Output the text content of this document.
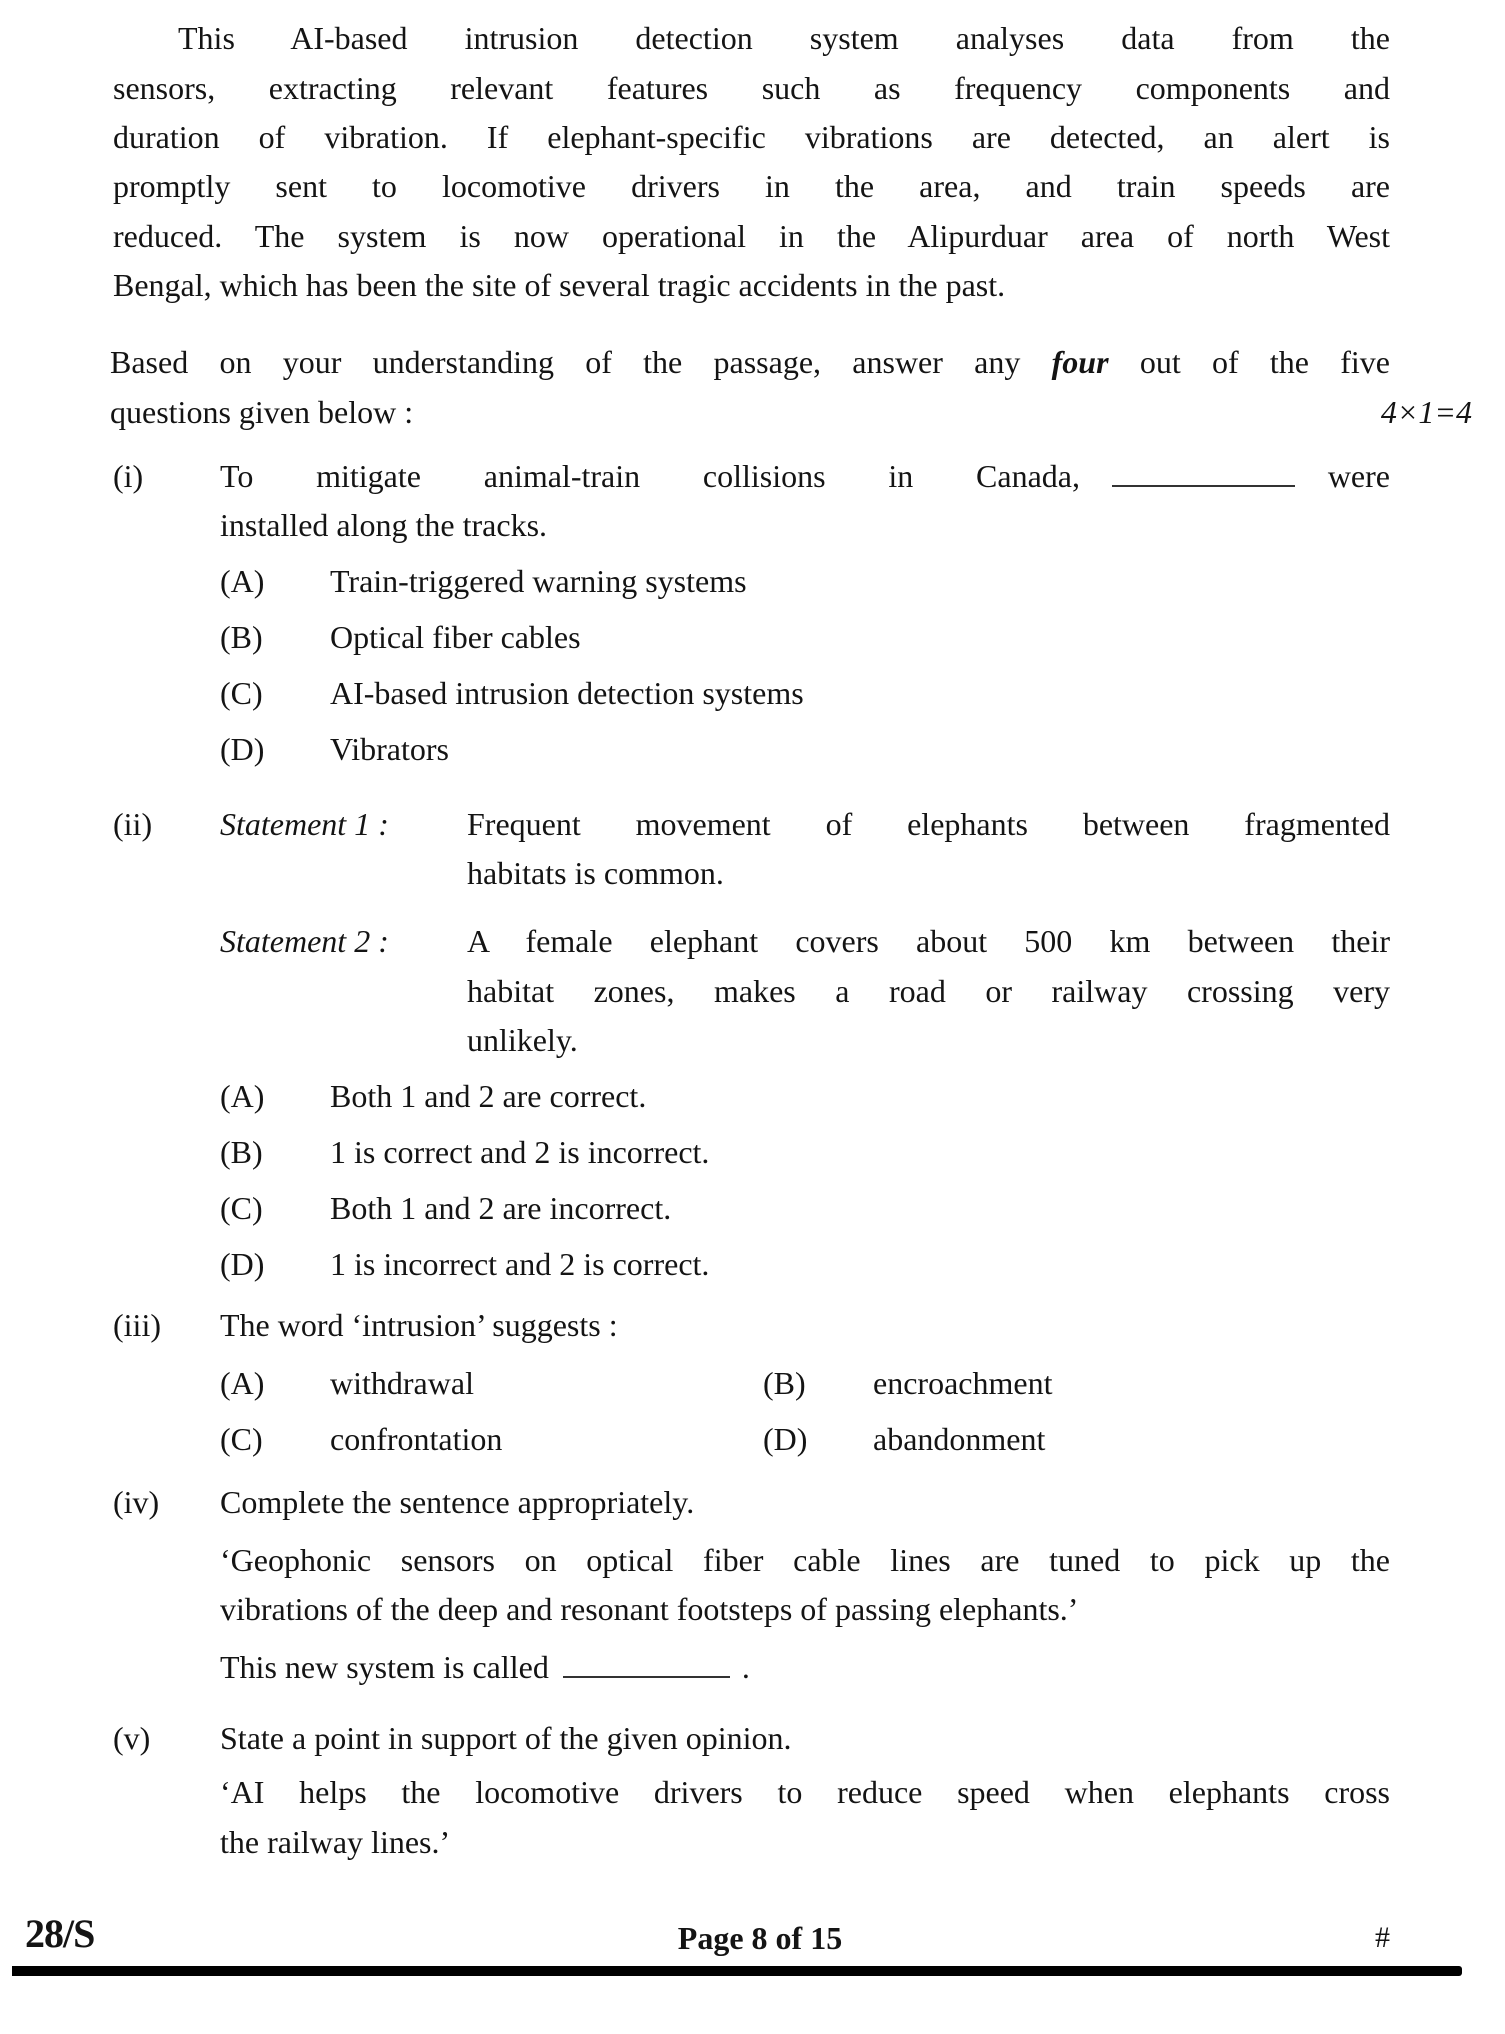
This AI-based intrusion detection system analyses data from the
sensors, extracting relevant features such as frequency components and
duration of vibration. If elephant-specific vibrations are detected, an alert is
promptly sent to locomotive drivers in the area, and train speeds are
reduced. The system is now operational in the Alipurduar area of north West
Bengal, which has been the site of several tragic accidents in the past.
Based on your understanding of the passage, answer any four out of the five
questions given below :	4×1=4
(i) To mitigate animal-train collisions in Canada,	were
installed along the tracks.
(A) Train-triggered warning systems
(B) Optical fiber cables
(C) AI-based intrusion detection systems
(D) Vibrators
(ii) Statement 1 : Frequent movement of elephants between fragmented
habitats is common.
Statement 2 : A female elephant covers about 500 km between their
habitat zones, makes a road or railway crossing very
unlikely.
(A) Both 1 and 2 are correct.
(B) 1 is correct and 2 is incorrect.
(C) Both 1 and 2 are incorrect.
(D) 1 is incorrect and 2 is correct.
(iii) The word ‘intrusion’ suggests :
(A) withdrawal	(B) encroachment
(C) confrontation	(D) abandonment
(iv) Complete the sentence appropriately.
‘Geophonic sensors on optical fiber cable lines are tuned to pick up the
vibrations of the deep and resonant footsteps of passing elephants.’
This new system is called	.
(v) State a point in support of the given opinion.
‘AI helps the locomotive drivers to reduce speed when elephants cross
the railway lines.’
28/S	Page 8 of 15	#
